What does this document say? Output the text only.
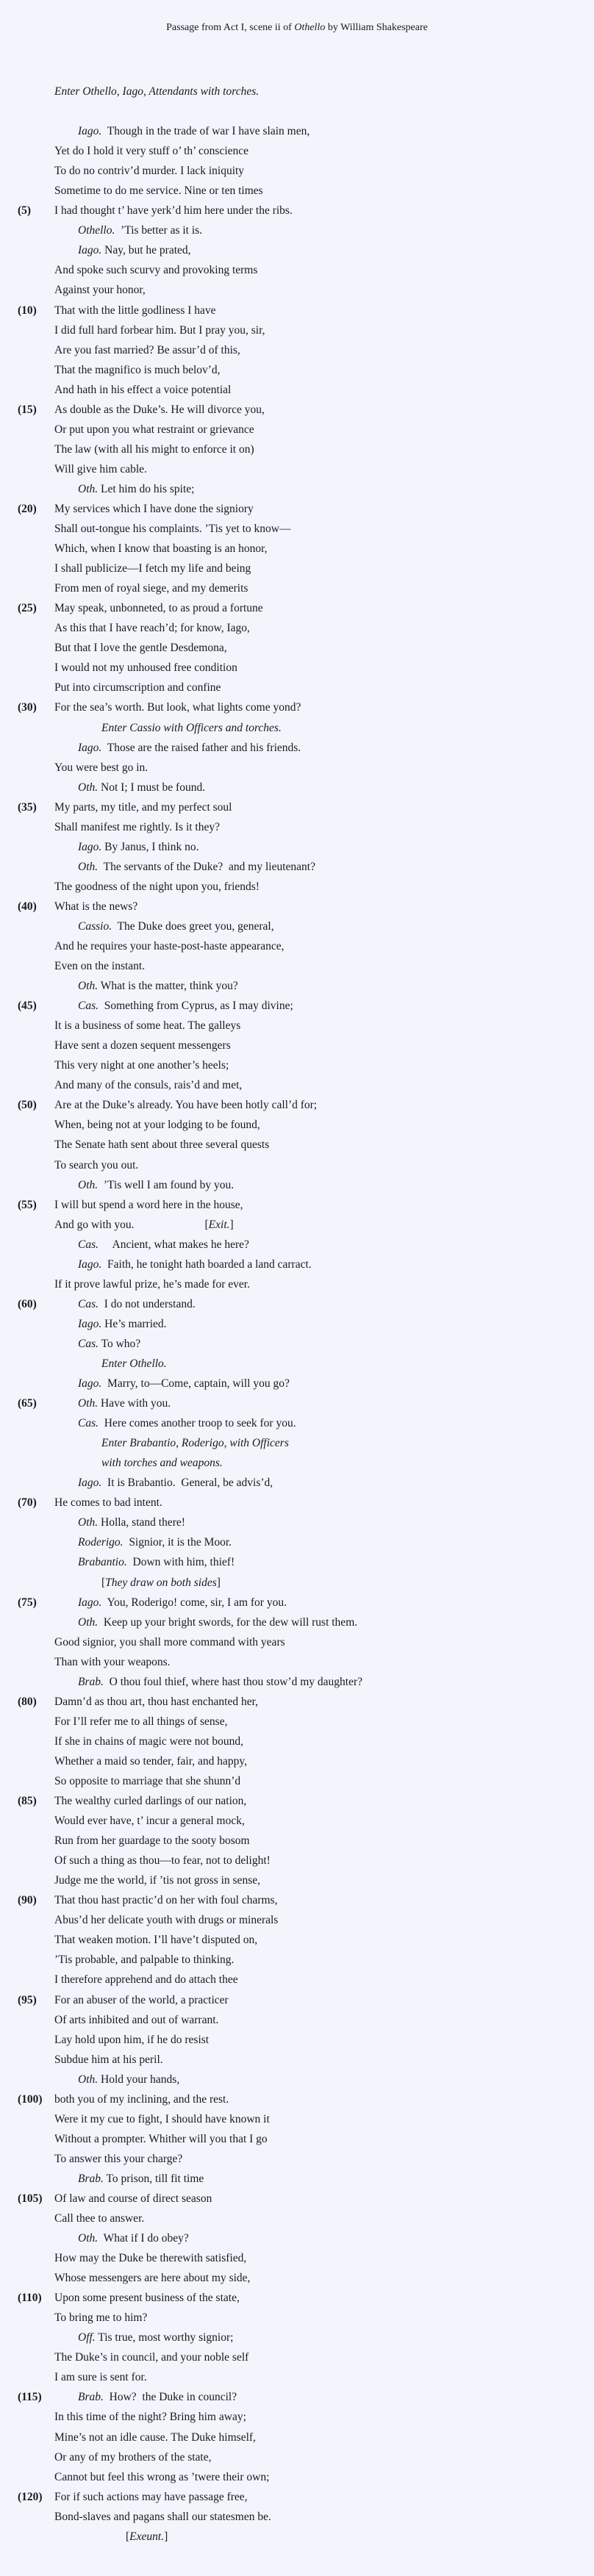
Passage from Act I, scene ii of Othello by William Shakespeare
Enter Othello, Iago, Attendants with torches.
Iago.  Though in the trade of war I have slain men,
Yet do I hold it very stuff o’ th’ conscience
To do no contriv’d murder. I lack iniquity
Sometime to do me service. Nine or ten times
(5) I had thought t’ have yerk’d him here under the ribs.
Othello.  ’Tis better as it is.
Iago. Nay, but he prated,
And spoke such scurvy and provoking terms
Against your honor,
(10) That with the little godliness I have
I did full hard forbear him. But I pray you, sir,
Are you fast married? Be assur’d of this,
That the magnifico is much belov’d,
And hath in his effect a voice potential
(15) As double as the Duke’s. He will divorce you,
Or put upon you what restraint or grievance
The law (with all his might to enforce it on)
Will give him cable.
Oth. Let him do his spite;
(20) My services which I have done the signiory
Shall out-tongue his complaints. ’Tis yet to know—
Which, when I know that boasting is an honor,
I shall publicize—I fetch my life and being
From men of royal siege, and my demerits
(25) May speak, unbonneted, to as proud a fortune
As this that I have reach’d; for know, Iago,
But that I love the gentle Desdemona,
I would not my unhoused free condition
Put into circumscription and confine
(30) For the sea’s worth. But look, what lights come yond?
Enter Cassio with Officers and torches.
Iago.  Those are the raised father and his friends.
You were best go in.
Oth. Not I; I must be found.
(35) My parts, my title, and my perfect soul
Shall manifest me rightly. Is it they?
Iago. By Janus, I think no.
Oth.  The servants of the Duke?  and my lieutenant?
The goodness of the night upon you, friends!
(40) What is the news?
Cassio.  The Duke does greet you, general,
And he requires your haste-post-haste appearance,
Even on the instant.
Oth. What is the matter, think you?
(45)	Cas.  Something from Cyprus, as I may divine;
It is a business of some heat. The galleys
Have sent a dozen sequent messengers
This very night at one another’s heels;
And many of the consuls, rais’d and met,
(50) Are at the Duke’s already. You have been hotly call’d for;
When, being not at your lodging to be found,
The Senate hath sent about three several quests
To search you out.
Oth.  ’Tis well I am found by you.
(55) I will but spend a word here in the house,
And go with you.	[Exit.]
Cas.     Ancient, what makes he here?
Iago.  Faith, he tonight hath boarded a land carract.
If it prove lawful prize, he’s made for ever.
(60)	Cas.  I do not understand.
Iago. He’s married.
Cas. To who?
Enter Othello.
Iago.  Marry, to—Come, captain, will you go?
(65)	Oth. Have with you.
Cas.  Here comes another troop to seek for you.
Enter Brabantio, Roderigo, with Officers
with torches and weapons.
Iago.  It is Brabantio.  General, be advis’d,
(70) He comes to bad intent.
Oth. Holla, stand there!
Roderigo.  Signior, it is the Moor.
Brabantio.  Down with him, thief!
[They draw on both sides]
(75)	Iago.  You, Roderigo! come, sir, I am for you.
Oth.  Keep up your bright swords, for the dew will rust them.
Good signior, you shall more command with years
Than with your weapons.
Brab.  O thou foul thief, where hast thou stow’d my daughter?
(80) Damn’d as thou art, thou hast enchanted her,
For I’ll refer me to all things of sense,
If she in chains of magic were not bound,
Whether a maid so tender, fair, and happy,
So opposite to marriage that she shunn’d
(85) The wealthy curled darlings of our nation,
Would ever have, t’ incur a general mock,
Run from her guardage to the sooty bosom
Of such a thing as thou—to fear, not to delight!
Judge me the world, if ’tis not gross in sense,
(90) That thou hast practic’d on her with foul charms,
Abus’d her delicate youth with drugs or minerals
That weaken motion. I’ll have’t disputed on,
’Tis probable, and palpable to thinking.
I therefore apprehend and do attach thee
(95) For an abuser of the world, a practicer
Of arts inhibited and out of warrant.
Lay hold upon him, if he do resist
Subdue him at his peril.
Oth. Hold your hands,
(100) both you of my inclining, and the rest.
Were it my cue to fight, I should have known it
Without a prompter. Whither will you that I go
To answer this your charge?
Brab. To prison, till fit time
(105) Of law and course of direct season
Call thee to answer.
Oth.  What if I do obey?
How may the Duke be therewith satisfied,
Whose messengers are here about my side,
(110) Upon some present business of the state,
To bring me to him?
Off. Tis true, most worthy signior;
The Duke’s in council, and your noble self
I am sure is sent for.
(115)	Brab.  How?  the Duke in council?
In this time of the night? Bring him away;
Mine’s not an idle cause. The Duke himself,
Or any of my brothers of the state,
Cannot but feel this wrong as ’twere their own;
(120) For if such actions may have passage free,
Bond-slaves and pagans shall our statesmen be.
[Exeunt.]
